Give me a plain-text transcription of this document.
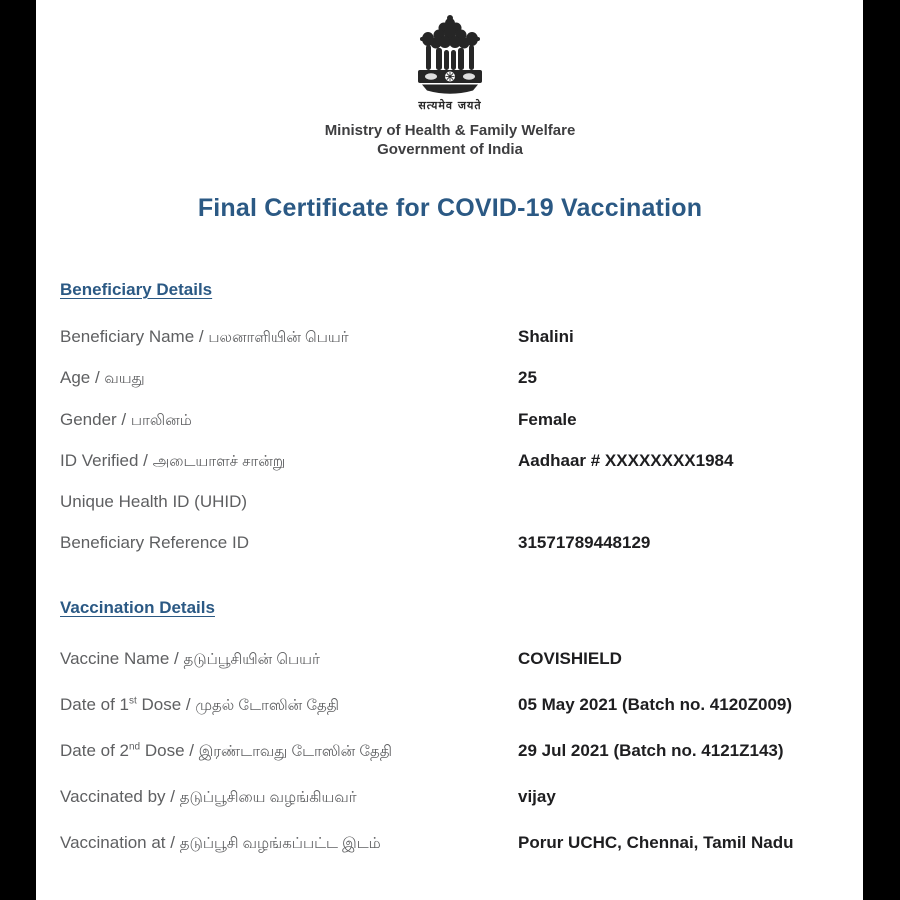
सत्यमेव जयते
Ministry of Health & Family Welfare
Government of India
Final Certificate for COVID-19 Vaccination
Beneficiary Details
Beneficiary Name / பலனாளியின் பெயர்	Shalini
Age / வயது	25
Gender / பாலினம்	Female
ID Verified / அடையாளச் சான்று	Aadhaar # XXXXXXXX1984
Unique Health ID (UHID)
Beneficiary Reference ID	31571789448129
Vaccination Details
Vaccine Name / தடுப்பூசியின் பெயர்	COVISHIELD
Date of 1st Dose / முதல் டோஸின் தேதி	05 May 2021 (Batch no. 4120Z009)
Date of 2nd Dose / இரண்டாவது டோஸின் தேதி	29 Jul 2021 (Batch no. 4121Z143)
Vaccinated by / தடுப்பூசியை வழங்கியவர்	vijay
Vaccination at / தடுப்பூசி வழங்கப்பட்ட இடம்	Porur UCHC, Chennai, Tamil Nadu
